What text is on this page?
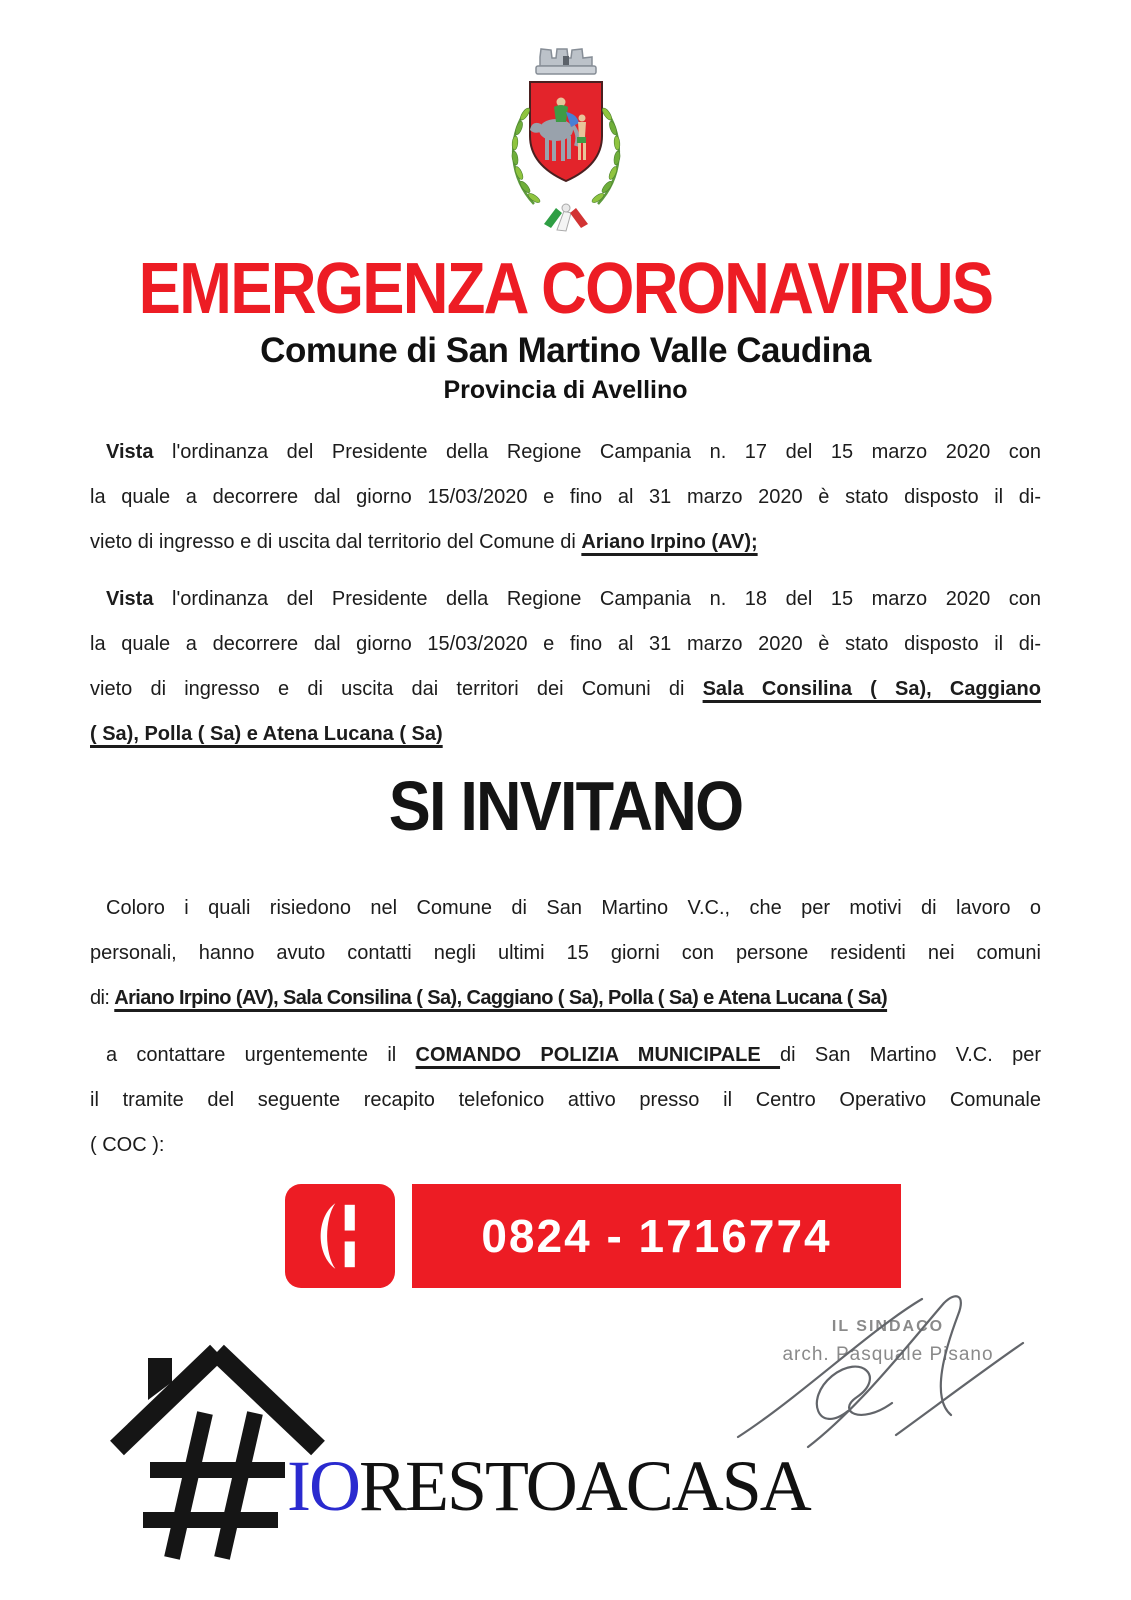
EMERGENZA CORONAVIRUS
Comune di San Martino Valle Caudina
Provincia di Avellino
Vista l'ordinanza del Presidente della Regione Campania n. 17 del 15 marzo 2020 con
la quale a decorrere dal giorno 15/03/2020 e fino al 31 marzo 2020 è stato disposto il di-
vieto di ingresso e di uscita dal territorio del Comune di Ariano Irpino (AV);
Vista l'ordinanza del Presidente della Regione Campania n. 18 del 15 marzo 2020 con
la quale a decorrere dal giorno 15/03/2020 e fino al 31 marzo 2020 è stato disposto il di-
vieto di ingresso e di uscita dai territori dei Comuni di Sala Consilina ( Sa), Caggiano
( Sa), Polla ( Sa) e Atena Lucana ( Sa)
SI INVITANO
Coloro i quali risiedono nel Comune di San Martino V.C., che per motivi di lavoro o
personali, hanno avuto contatti negli ultimi 15 giorni con persone residenti nei comuni
di: Ariano Irpino (AV), Sala Consilina ( Sa), Caggiano ( Sa), Polla ( Sa) e Atena Lucana ( Sa)
a contattare urgentemente il COMANDO POLIZIA MUNICIPALE di San Martino V.C. per
il tramite del seguente recapito telefonico attivo presso il Centro Operativo Comunale
( COC ):
0824 - 1716774
IL SINDACO
arch. Pasquale Pisano
IORESTOACASA
